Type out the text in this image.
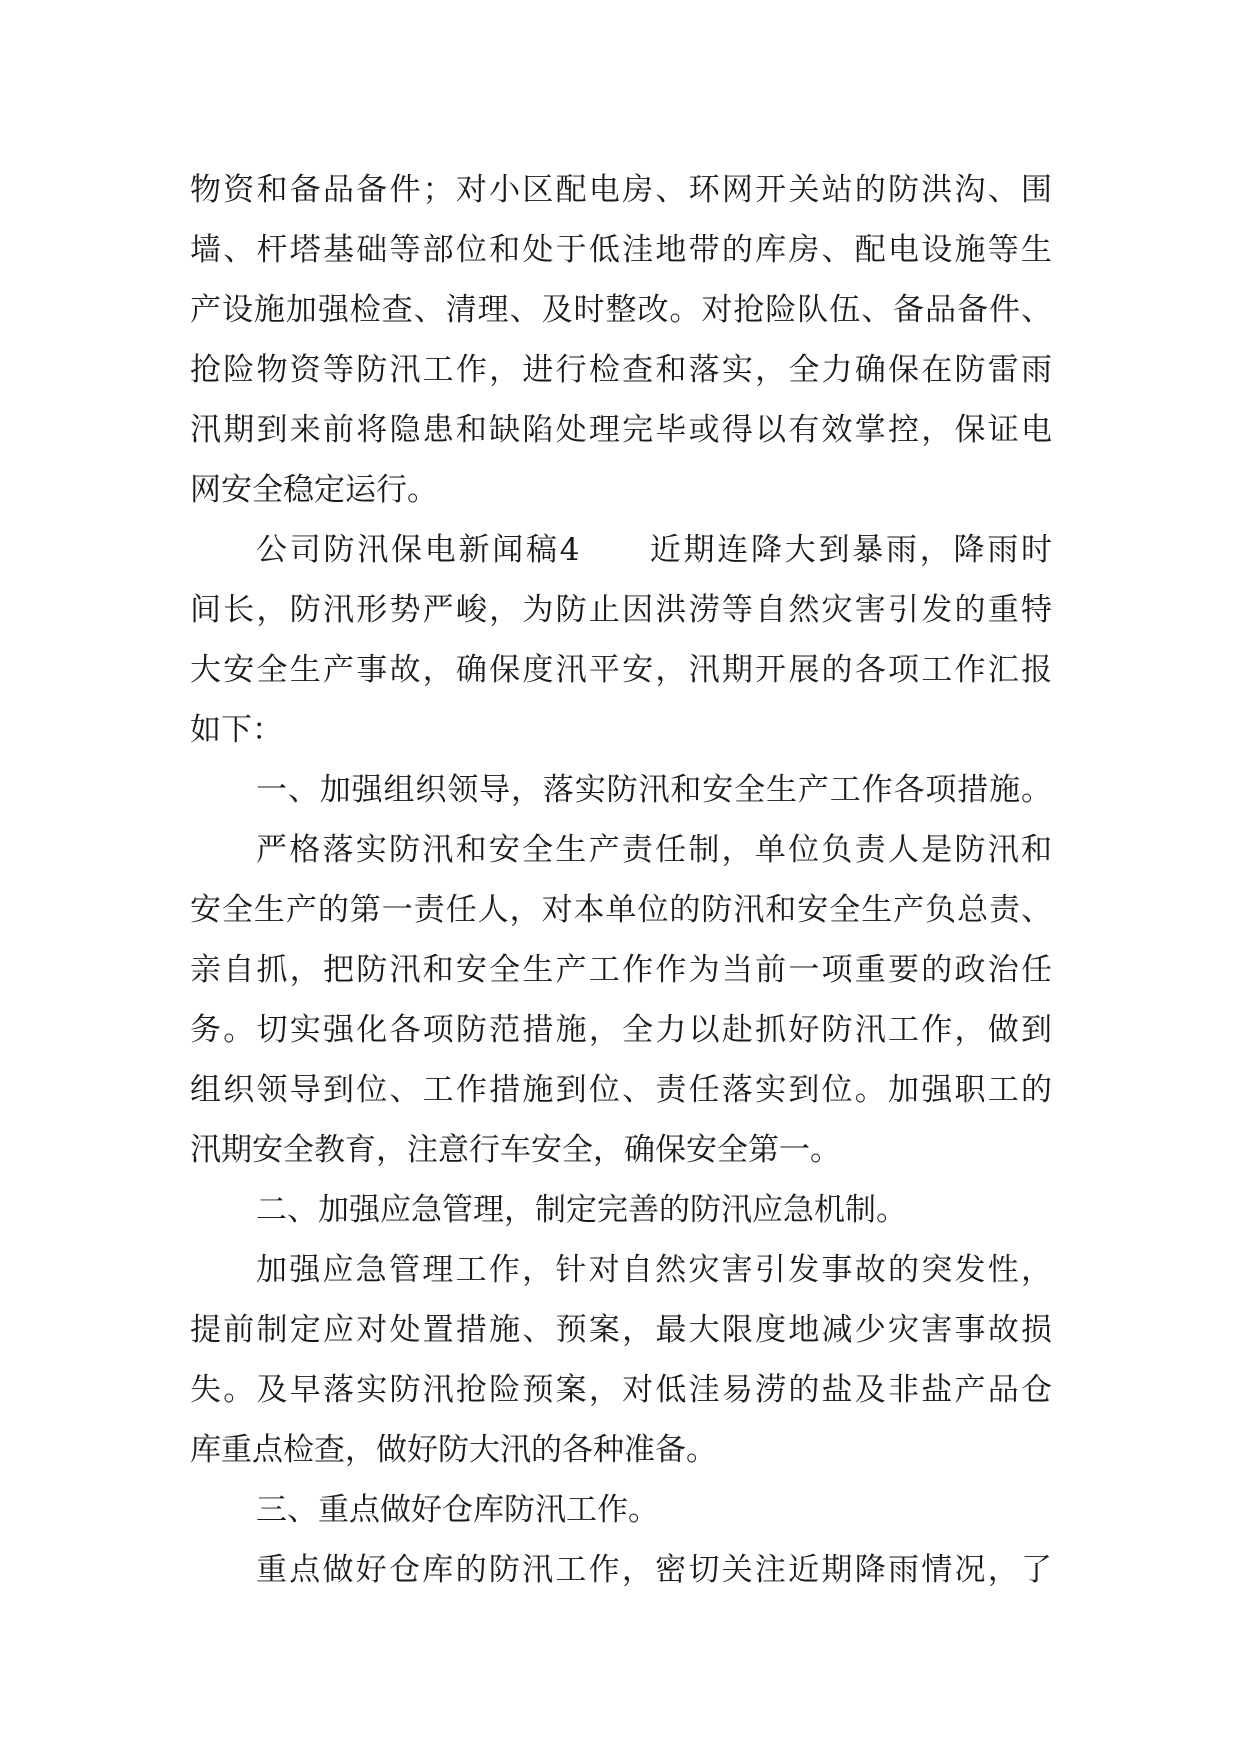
物资和备品备件；对小区配电房、环网开关站的防洪沟、围
墙、杆塔基础等部位和处于低洼地带的库房、配电设施等生
产设施加强检查、清理、及时整改。对抢险队伍、备品备件、
抢险物资等防汛工作，进行检查和落实，全力确保在防雷雨
汛期到来前将隐患和缺陷处理完毕或得以有效掌控，保证电
网安全稳定运行。
公司防汛保电新闻稿4　　近期连降大到暴雨，降雨时
间长，防汛形势严峻，为防止因洪涝等自然灾害引发的重特
大安全生产事故，确保度汛平安，汛期开展的各项工作汇报
如下：
一、加强组织领导，落实防汛和安全生产工作各项措施。
严格落实防汛和安全生产责任制，单位负责人是防汛和
安全生产的第一责任人，对本单位的防汛和安全生产负总责、
亲自抓，把防汛和安全生产工作作为当前一项重要的政治任
务。切实强化各项防范措施，全力以赴抓好防汛工作，做到
组织领导到位、工作措施到位、责任落实到位。加强职工的
汛期安全教育，注意行车安全，确保安全第一。
二、加强应急管理，制定完善的防汛应急机制。
加强应急管理工作，针对自然灾害引发事故的突发性，
提前制定应对处置措施、预案，最大限度地减少灾害事故损
失。及早落实防汛抢险预案，对低洼易涝的盐及非盐产品仓
库重点检查，做好防大汛的各种准备。
三、重点做好仓库防汛工作。
重点做好仓库的防汛工作，密切关注近期降雨情况，了
